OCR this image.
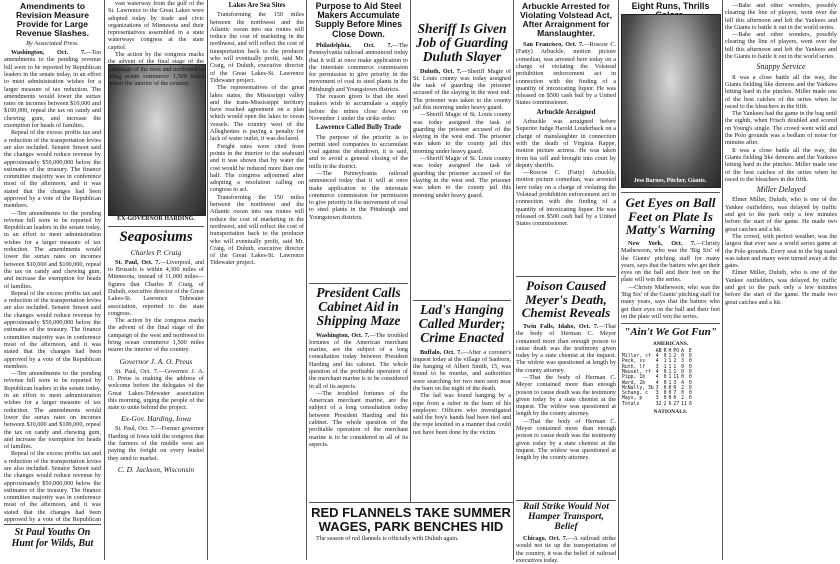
Amendments to Revision Measure Provide for Large Revenue Slashes.
By Associated Press.

Washington, Oct. 7.—Ten amendments to the pending revenue bill were to be reported by Republican leaders in the senate today, in an effort to meet administration wishes for a larger measure of tax reduction. The amendments would lower the surtax rates on incomes between $10,000 and $100,000, repeal the tax on candy and chewing gum, and increase the exemption for heads of families.

Repeal of the excess profits tax and a reduction of the transportation levies are also included. Senator Smoot said the changes would reduce revenue by approximately $50,000,000 below the estimates of the treasury. The finance committee majority was in conference most of the afternoon, and it was stated that the changes had been approved by a vote of the Republican members.

—Ten amendments to the pending revenue bill were to be reported by Republican leaders in the senate today, in an effort to meet administration wishes for a larger measure of tax reduction. The amendments would lower the surtax rates on incomes between $10,000 and $100,000, repeal the tax on candy and chewing gum, and increase the exemption for heads of families.

Repeal of the excess profits tax and a reduction of the transportation levies are also included. Senator Smoot said the changes would reduce revenue by approximately $50,000,000 below the estimates of the treasury. The finance committee majority was in conference most of the afternoon, and it was stated that the changes had been approved by a vote of the Republican members.

—Ten amendments to the pending revenue bill were to be reported by Republican leaders in the senate today, in an effort to meet administration wishes for a larger measure of tax reduction. The amendments would lower the surtax rates on incomes between $10,000 and $100,000, repeal the tax on candy and chewing gum, and increase the exemption for heads of families.

Repeal of the excess profits tax and a reduction of the transportation levies are also included. Senator Smoot said the changes would reduce revenue by approximately $50,000,000 below the estimates of the treasury. The finance committee majority was in conference most of the afternoon, and it was stated that the changes had been approved by a vote of the Republican

St Paul Youths On Hunt for Wilds, But
EX-GOVERNOR HARDING.

vast waterway from the gulf of the St. Lawrence to the Great Lakes were adopted today by trade and civic organizations of Minnesota and their representatives assembled in a state waterways congress at the state capitol.

The action by the congress marks the advent of the final stage of the campaign of the west and northwest to bring ocean commerce 1,500 miles nearer the interior of the country.

Seaposiums
Charles P. Craig

St. Paul, Oct. 7.—Liverpool, and to Brussels is within 4,300 miles of Minnesota, instead of 11,000 miles—figures that Charles P. Craig, of Duluth, executive director of the Great Lakes-St. Lawrence Tidewater association, reported to the state congress.

The action by the congress marks the advent of the final stage of the campaign of the west and northwest to bring ocean commerce 1,500 miles nearer the interior of the country.

Governor J. A. O. Preus

St. Paul, Oct. 7.—Governor J. A. O. Preus is making the address of welcome before the delegates of the Great Lakes-Tidewater association this morning, urging the people of the state to unite behind the project.

Ex-Gov. Harding, Iowa

St. Paul, Oct. 7.—Former governor Harding of Iowa told the congress that the farmers of the middle west are paying the freight on every bushel they send to market.

C. D. Jackson, Wisconsin
Lakes Are Sea Sites

Transforming the 150 miles between the northwest and the Atlantic ocean into sea routes will reduce the cost of marketing in the northwest, and will reflect the cost of transportation back to the producer who will eventually profit, said Mr. Craig, of Duluth, executive director of the Great Lakes-St. Lawrence Tidewater project.

The representatives of the great lakes states, the Mississippi valley and the trans-Mississippi territory have reached agreement on a plan which would open the lakes to ocean vessels. The country west of the Alleghenies is paying a penalty for lack of water outlet, it was declared.

Freight rates were cited from points in the interior to the seaboard and it was shown that by water the cost would be reduced more than one half. The congress adjourned after adopting a resolution calling on congress to act.

Transforming the 150 miles between the northwest and the Atlantic ocean into sea routes will reduce the cost of marketing in the northwest, and will reflect the cost of transportation back to the producer who will eventually profit, said Mr. Craig, of Duluth, executive director of the Great Lakes-St. Lawrence Tidewater project.

Purpose to Aid Steel Makers Accumulate Supply Before Mines Close Down.

Philadelphia, Oct. 7.—The Pennsylvania railroad announced today that it will at once make application to the interstate commerce commission for permission to give priority in the movement of coal to steel plants in the Pittsburgh and Youngstown districts.

The reason given is that the steel makers wish to accumulate a supply before the mines close down on November 1 under the strike order.

Lawrence Called Bully Trade

The purpose of the priority is to permit steel companies to accumulate coal against the shutdown, it is said, and to avoid a general closing of the mills in the district.

—The Pennsylvania railroad announced today that it will at once make application to the interstate commerce commission for permission to give priority in the movement of coal to steel plants in the Pittsburgh and Youngstown districts.

President Calls Cabinet Aid in Shipping Maze

Washington, Oct. 7.—The troubled fortunes of the American merchant marine, are the subject of a long consultation today between President Harding and his cabinet. The whole question of the profitable operation of the merchant marine is to be considered in all of its aspects.

—The troubled fortunes of the American merchant marine, are the subject of a long consultation today between President Harding and his cabinet. The whole question of the profitable operation of the merchant marine is to be considered in all of its aspects.

Sheriff Is Given Job of Guarding Duluth Slayer

Duluth, Oct. 7.—Sheriff Magie of St. Louis county was today assigned the task of guarding the prisoner accused of the slaying in the west end. The prisoner was taken to the county jail this morning under heavy guard.

—Sheriff Magie of St. Louis county was today assigned the task of guarding the prisoner accused of the slaying in the west end. The prisoner was taken to the county jail this morning under heavy guard.

—Sheriff Magie of St. Louis county was today assigned the task of guarding the prisoner accused of the slaying in the west end. The prisoner was taken to the county jail this morning under heavy guard.

Lad's Hanging Called Murder; Crime Enacted

Buffalo, Oct. 7.—After a coroner's inquest today at the village of Sanborn, the hanging of Albert Smith, 15, was found to be murder, and authorities were searching for two men seen near the barn on the night of the death.

The lad was found hanging by a rope from a rafter in the barn of his employer. Officers who investigated said the boy's hands had been tied and the rope knotted in a manner that could not have been done by the victim.

Arbuckle Arrested for Violating Volstead Act, After Arraignment for Manslaughter.

San Francisco, Oct. 7.—Roscoe C. (Fatty) Arbuckle, motion picture comedian, was arrested here today on a charge of violating the Volstead prohibition enforcement act in connection with the finding of a quantity of intoxicating liquor. He was released on $500 cash bail by a United States commissioner.

Arbuckle Arraigned

Arbuckle was arraigned before Superior Judge Harold Louderback on a charge of manslaughter in connection with the death of Virginia Rappe, motion picture actress. He was taken from his cell and brought into court by deputy sheriffs.

—Roscoe C. (Fatty) Arbuckle, motion picture comedian, was arrested here today on a charge of violating the Volstead prohibition enforcement act in connection with the finding of a quantity of intoxicating liquor. He was released on $500 cash bail by a United States commissioner.

Poison Caused Meyer's Death, Chemist Reveals

Twin Falls, Idaho, Oct. 7.—That the body of Herman C. Meyer contained more than enough poison to cause death was the testimony given today by a state chemist at the inquest. The widow was questioned at length by the county attorney.

—That the body of Herman C. Meyer contained more than enough poison to cause death was the testimony given today by a state chemist at the inquest. The widow was questioned at length by the county attorney.

—That the body of Herman C. Meyer contained more than enough poison to cause death was the testimony given today by a state chemist at the inquest. The widow was questioned at length by the county attorney.

Rail Strike Would Not Hamper Transport, Belief

Chicago, Oct. 7.—A railroad strike would not tie up the transportation of the country, it was the belief of railroad executives today.

RED FLANNELS TAKE SUMMER WAGES, PARK BENCHES HID

The season of red flannels is officially with Duluth again.

Eight Runs, Thrills
Jess Barnes, Pitcher, Giants.
Get Eyes on Ball Feet on Plate Is Matty's Warning

New York, Oct. 7.—Christy Mathewson, who was the 'Big Six' of the Giants' pitching staff for many years, says that the batters who get their eyes on the ball and their feet on the plate will win the series.

—Christy Mathewson, who was the 'Big Six' of the Giants' pitching staff for many years, says that the batters who get their eyes on the ball and their feet on the plate will win the series.

"Ain't We Got Fun"
AMERICANS.
	AB	R	H	PO	A	E
Miller, cf	4	0	1	2	0	0
Peck, ss	4	1	1	2	3	0
Ruth, lf	3	1	1	1	0	0
Meusel, rf	4	0	1	1	0	0
Pipp, 1b	4	0	1	11	0	0
Ward, 2b	4	0	1	3	4	0
McNally, 3b	3	0	0	0	2	0
Schang, c	3	0	0	7	0	0
Mays, p	3	0	0	0	2	0
Totals	32	2	6	27	11	0
NATIONALS.

—Babe and other wonders, possibly clearing the line of players, went over the hill this afternoon and left the Yankees and the Giants to battle it out in the world series.

—Babe and other wonders, possibly clearing the line of players, went over the hill this afternoon and left the Yankees and the Giants to battle it out in the world series.

Snappy Service

It was a close battle all the way, the Giants fielding like demons and the Yankees hitting hard in the pinches. Miller made one of the best catches of the series when he raced to the bleachers in the fifth.

The Yankees had the game in the bag until the eighth, when Frisch doubled and scored on Young's single. The crowd went wild and the Polo grounds was a bedlam of noise for minutes after.

It was a close battle all the way, the Giants fielding like demons and the Yankees hitting hard in the pinches. Miller made one of the best catches of the series when he raced to the bleachers in the fifth.

Miller Delayed

Elmer Miller, Duluth, who is one of the Yankee outfielders, was delayed by traffic and got to the park only a few minutes before the start of the game. He made two great catches and a hit.

The crowd, with perfect weather, was the largest that ever saw a world series game at the Polo grounds. Every seat in the big stand was taken and many were turned away at the gates.

Elmer Miller, Duluth, who is one of the Yankee outfielders, was delayed by traffic and got to the park only a few minutes before the start of the game. He made two great catches and a hit.
